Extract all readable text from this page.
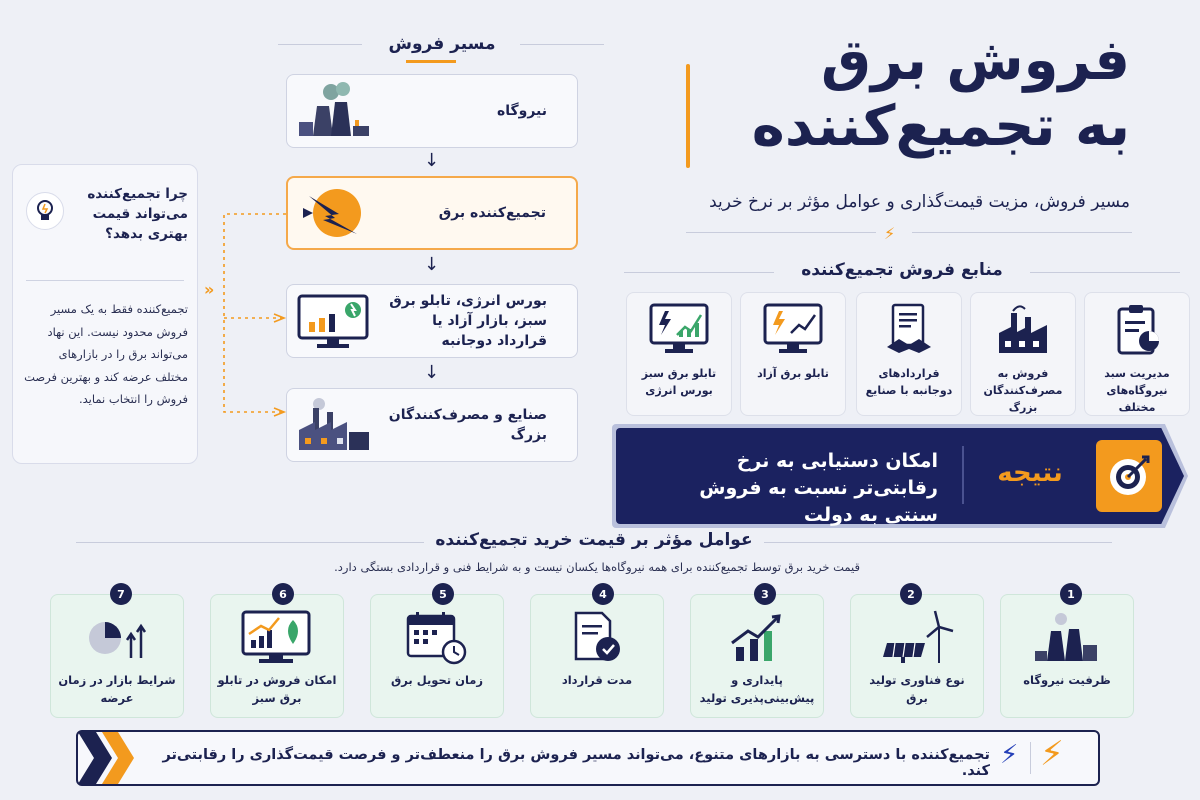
فروش برق
به تجمیع‌کننده
مسیر فروش، مزیت قیمت‌گذاری و عوامل مؤثر بر نرخ خرید
⚡
مسیر فروش
نیروگاه
↓
تجمیع‌کننده برق
↓
بورس انرژی، تابلو برق سبز، بازار آزاد یا قرارداد دوجانبه
↓
صنایع و مصرف‌کنندگان بزرگ
»
چرا تجمیع‌کننده می‌تواند قیمت بهتری بدهد؟
تجمیع‌کننده فقط به یک مسیر فروش محدود نیست. این نهاد می‌تواند برق را در بازارهای مختلف عرضه کند و بهترین فرصت فروش را انتخاب نماید.
منابع فروش تجمیع‌کننده
مدیریت سبد نیروگاه‌های مختلف
فروش به مصرف‌کنندگان بزرگ
قراردادهای دوجانبه با صنایع
تابلو برق آزاد
تابلو برق سبز بورس انرژی
امکان دستیابی به نرخ رقابتی‌تر نسبت به فروش سنتی به دولت
نتیجه
عوامل مؤثر بر قیمت خرید تجمیع‌کننده
قیمت خرید برق توسط تجمیع‌کننده برای همه نیروگاه‌ها یکسان نیست و به شرایط فنی و قراردادی بستگی دارد.
ظرفیت نیروگاه
1
نوع فناوری تولید برق
2
پایداری و پیش‌بینی‌پذیری تولید
3
مدت قرارداد
4
زمان تحویل برق
5
امکان فروش در تابلو برق سبز
6
شرایط بازار در زمان عرضه
7
تجمیع‌کننده با دسترسی به بازارهای متنوع، می‌تواند مسیر فروش برق را منعطف‌تر و فرصت قیمت‌گذاری را رقابتی‌تر کند.
⚡ ⚡
